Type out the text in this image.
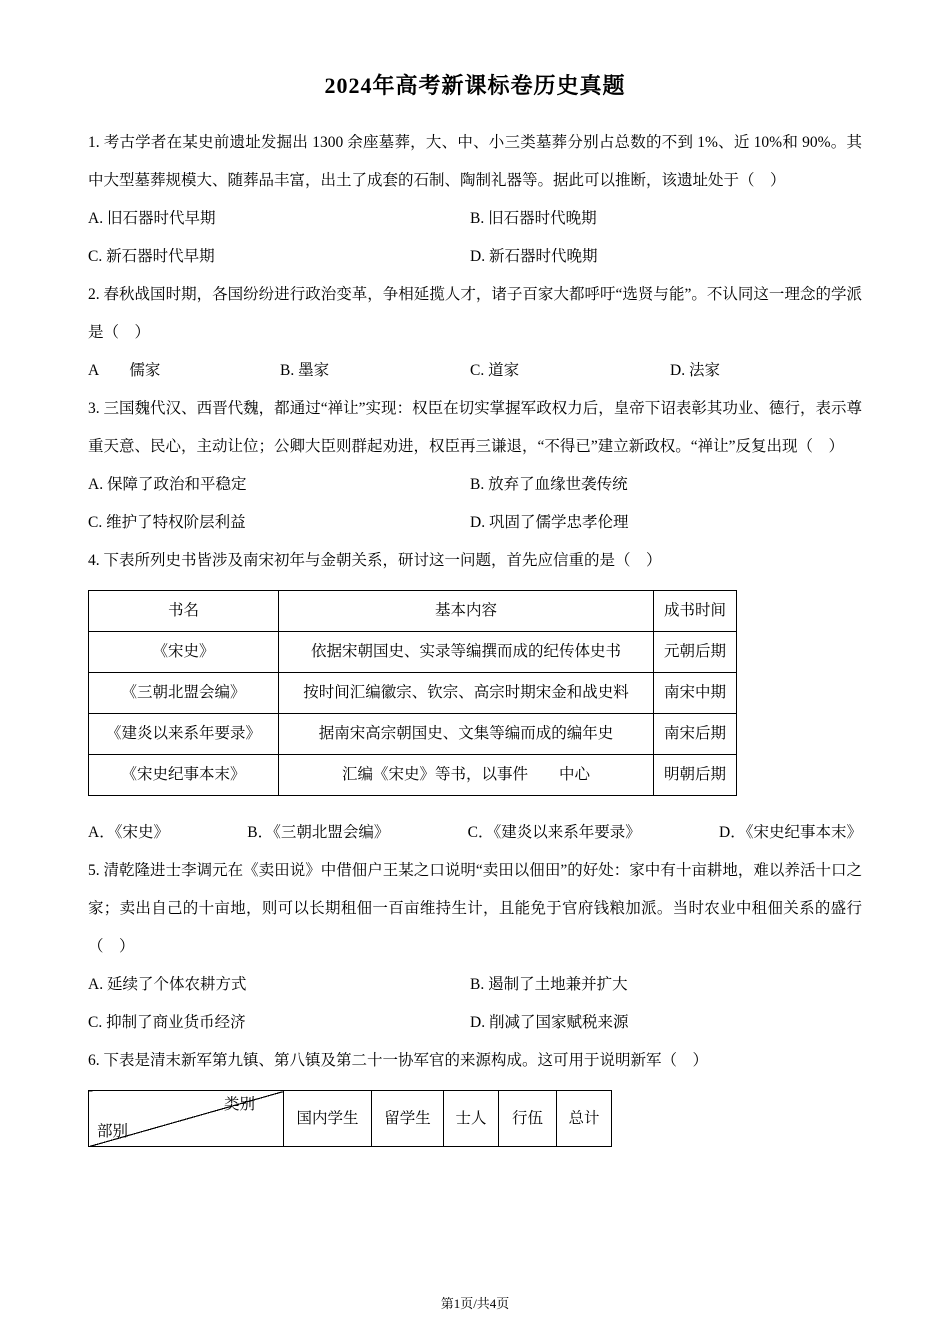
2024年高考新课标卷历史真题

1. 考古学者在某史前遗址发掘出 1300 余座墓葬，大、中、小三类墓葬分别占总数的不到 1%、近 10%和 90%。其中大型墓葬规模大、随葬品丰富，出土了成套的石制、陶制礼器等。据此可以推断，该遗址处于（　）

A. 旧石器时代早期	B. 旧石器时代晚期
C. 新石器时代早期	D. 新石器时代晚期

2. 春秋战国时期，各国纷纷进行政治变革，争相延揽人才，诸子百家大都呼吁“选贤与能”。不认同这一理念的学派是（　）

A　　儒家	B. 墨家	C. 道家	D. 法家

3. 三国魏代汉、西晋代魏，都通过“禅让”实现：权臣在切实掌握军政权力后，皇帝下诏表彰其功业、德行，表示尊重天意、民心，主动让位；公卿大臣则群起劝进，权臣再三谦退，“不得已”建立新政权。“禅让”反复出现（　）

A. 保障了政治和平稳定	B. 放弃了血缘世袭传统
C. 维护了特权阶层利益	D. 巩固了儒学忠孝伦理

4. 下表所列史书皆涉及南宋初年与金朝关系，研讨这一问题，首先应信重的是（　）

书名	基本内容	成书时间
《宋史》	依据宋朝国史、实录等编撰而成的纪传体史书	元朝后期
《三朝北盟会编》	按时间汇编徽宗、钦宗、高宗时期宋金和战史料	南宋中期
《建炎以来系年要录》	据南宋高宗朝国史、文集等编而成的编年史	南宋后期
《宋史纪事本末》	汇编《宋史》等书，以事件　　中心	明朝后期
A．《宋史》	B．《三朝北盟会编》	C．《建炎以来系年要录》	D．《宋史纪事本末》

5. 清乾隆进士李调元在《卖田说》中借佃户王某之口说明“卖田以佃田”的好处：家中有十亩耕地，难以养活十口之家；卖出自己的十亩地，则可以长期租佃一百亩维持生计，且能免于官府钱粮加派。当时农业中租佃关系的盛行（　）

A. 延续了个体农耕方式	B. 遏制了土地兼并扩大
C. 抑制了商业货币经济	D. 削减了国家赋税来源

6. 下表是清末新军第九镇、第八镇及第二十一协军官的来源构成。这可用于说明新军（　）

类别
部别
	国内学生	留学生	士人	行伍	总计
第1页/共4页
